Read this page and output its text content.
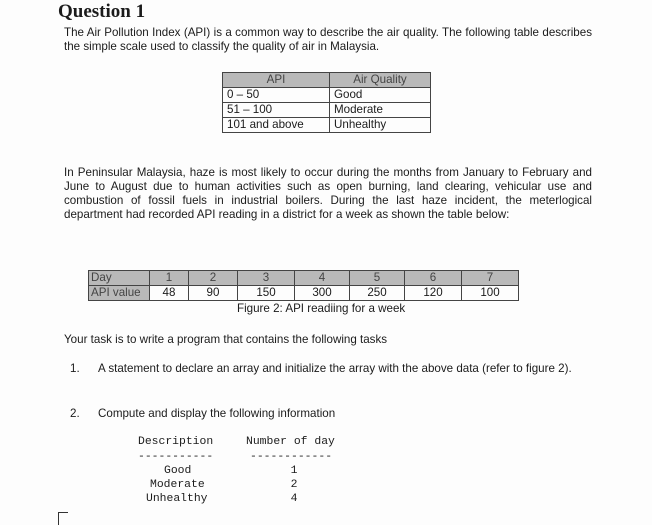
Question 1
The Air Pollution Index (API) is a common way to describe the air quality. The following table describes the simple scale used to classify the quality of air in Malaysia.
API	Air Quality
0 – 50	Good
51 – 100	Moderate
101 and above	Unhealthy
In Peninsular Malaysia, haze is most likely to occur during the months from January to February and June to August due to human activities such as open burning, land clearing, vehicular use and combustion of fossil fuels in industrial boilers. During the last haze incident, the meterlogical department had recorded API reading in a district for a week as shown the table below:
Day	1	2	3	4	5	6	7
API value	48	90	150	300	250	120	100
Figure 2: API readiing for a week
Your task is to write a program that contains the following tasks
1. A statement to declare an array and initialize the array with the above data (refer to figure 2).
2. Compute and display the following information
Description	Number of day
-----------	------------
Good	1
Moderate	2
Unhealthy	4
